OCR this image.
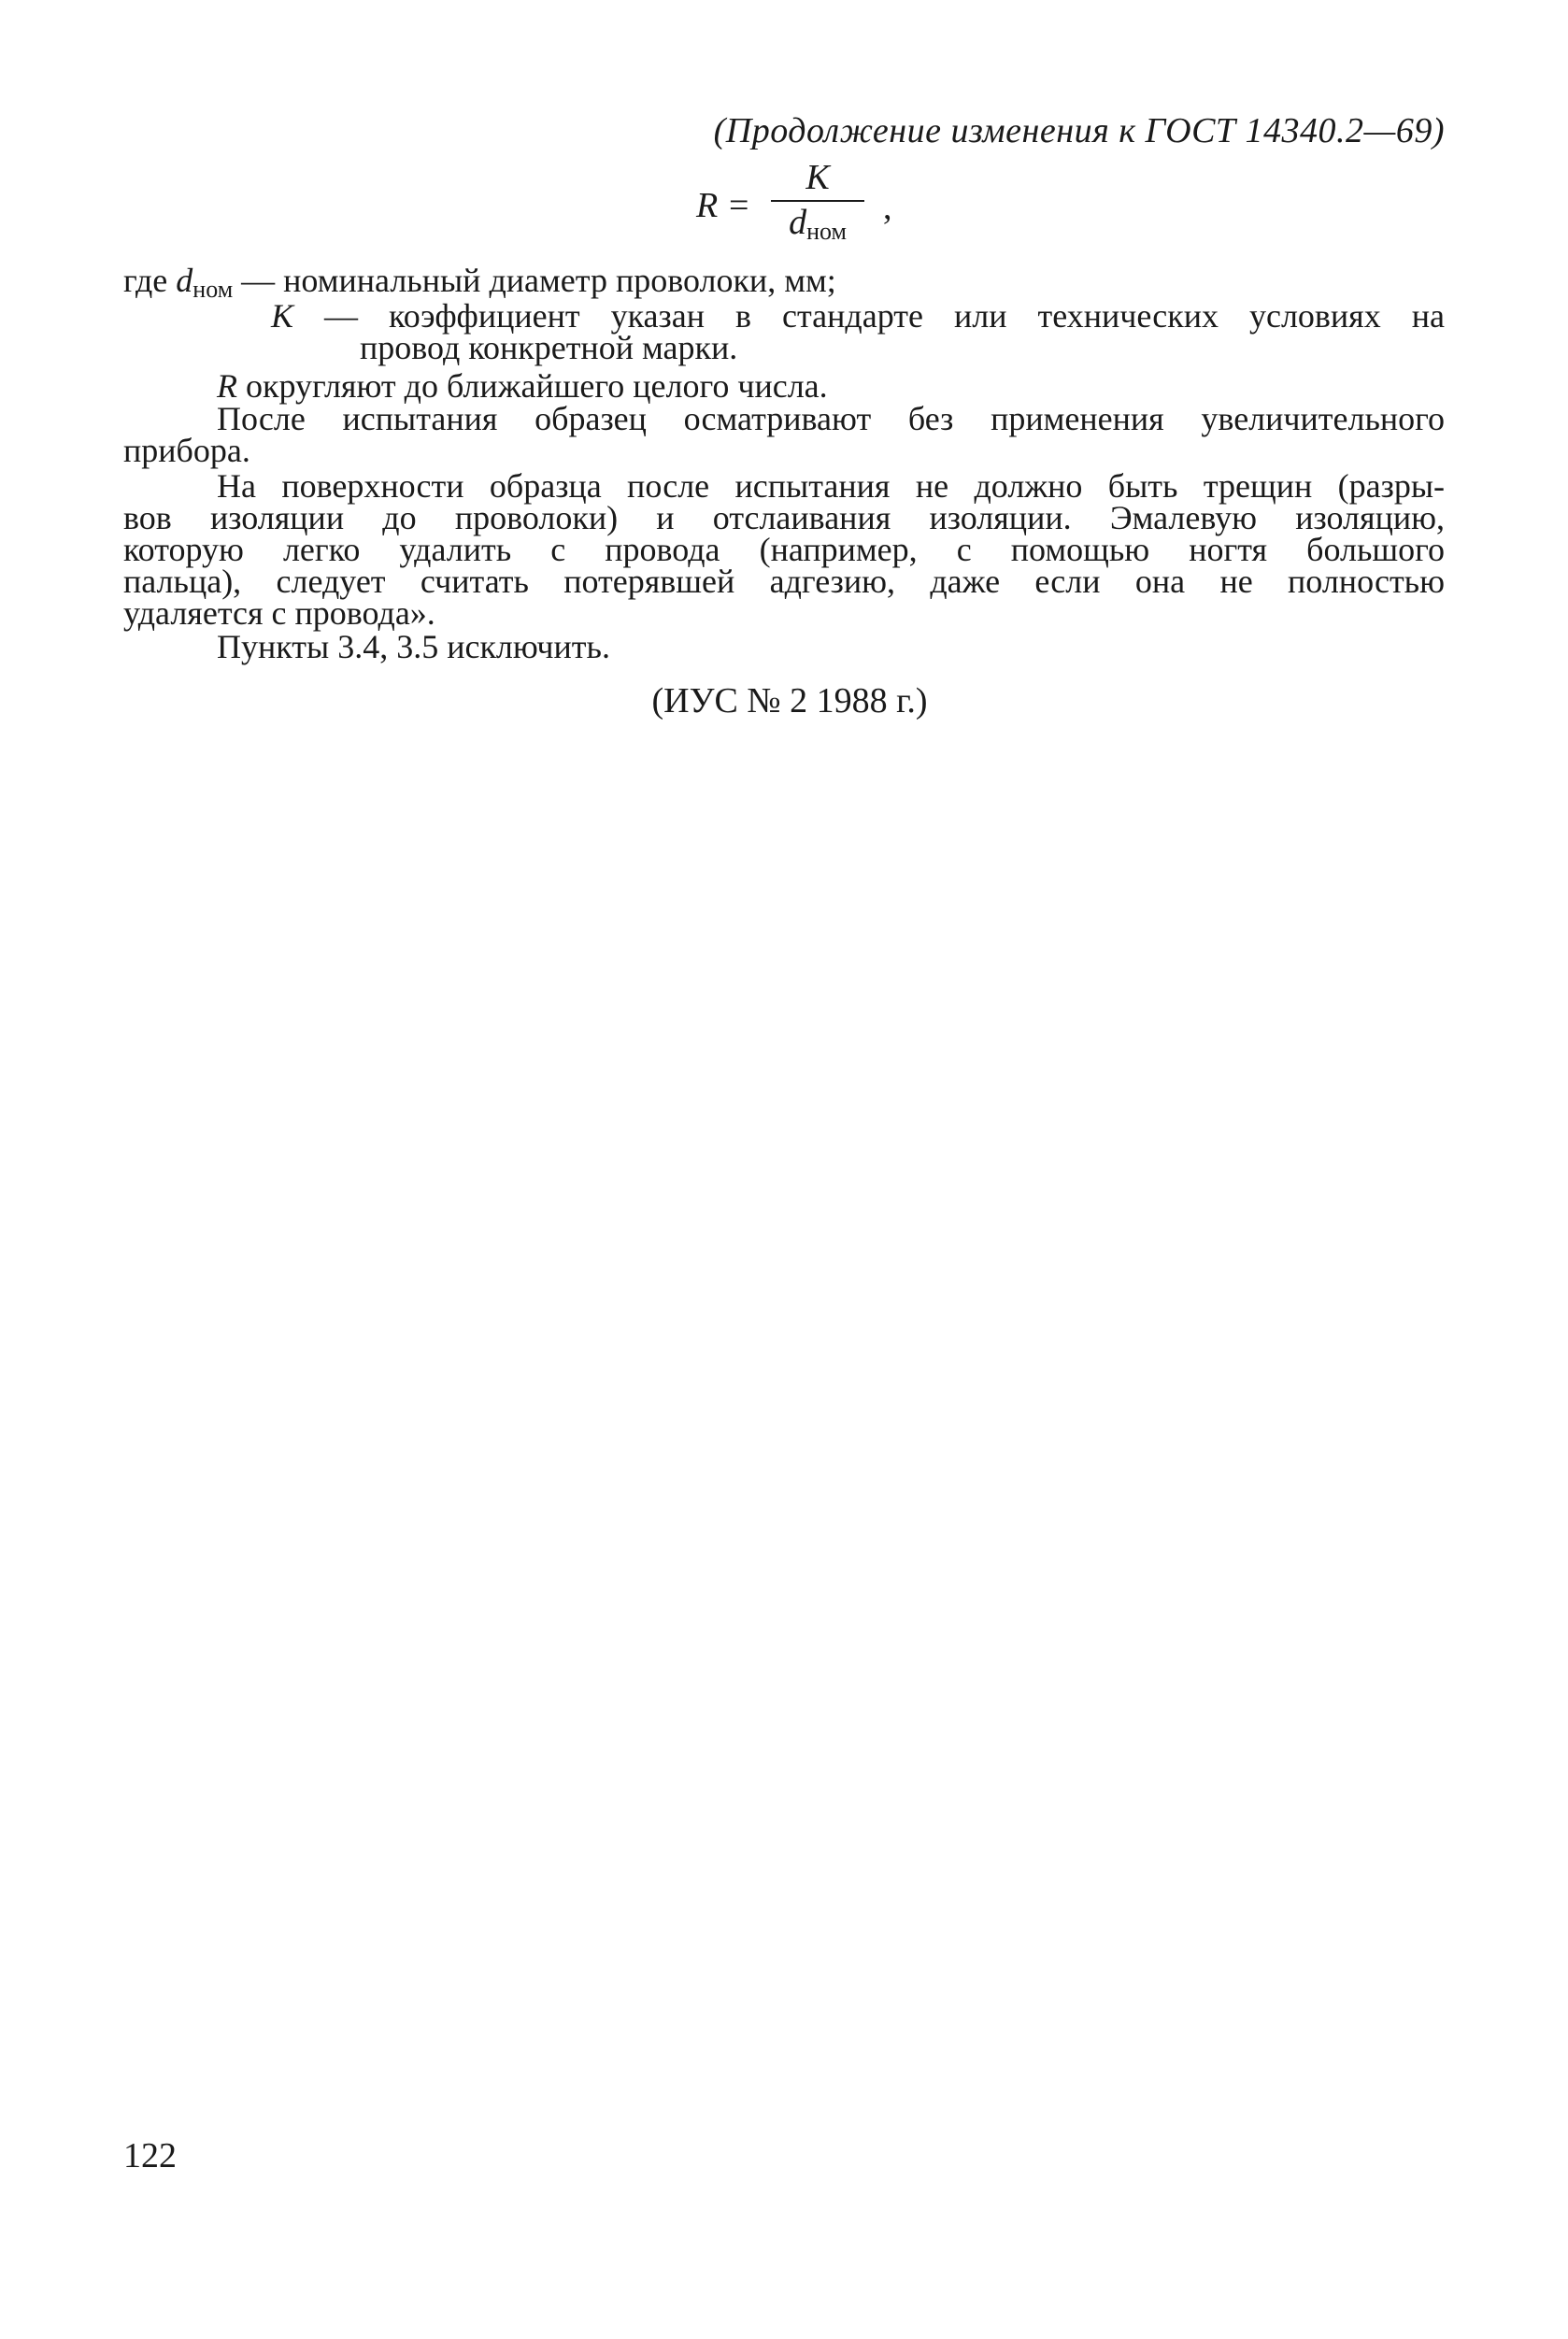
(Продолжение изменения к ГОСТ 14340.2—69)
R =
K
$d_{ном}$
,
где $d_{ном}$ — номинальный диаметр проволоки, мм;
K — коэффициент указан в стандарте или технических условиях на
провод конкретной марки.
R округляют до ближайшего целого числа.
После испытания образец осматривают без применения увеличительного
прибора.
На поверхности образца после испытания не должно быть трещин (разры-
вов изоляции до проволоки) и отслаивания изоляции. Эмалевую изоляцию,
которую легко удалить с провода (например, с помощью ногтя большого
пальца), следует считать потерявшей адгезию, даже если она не полностью
удаляется с провода».
Пункты 3.4, 3.5 исключить.
(ИУС № 2 1988 г.)
122
